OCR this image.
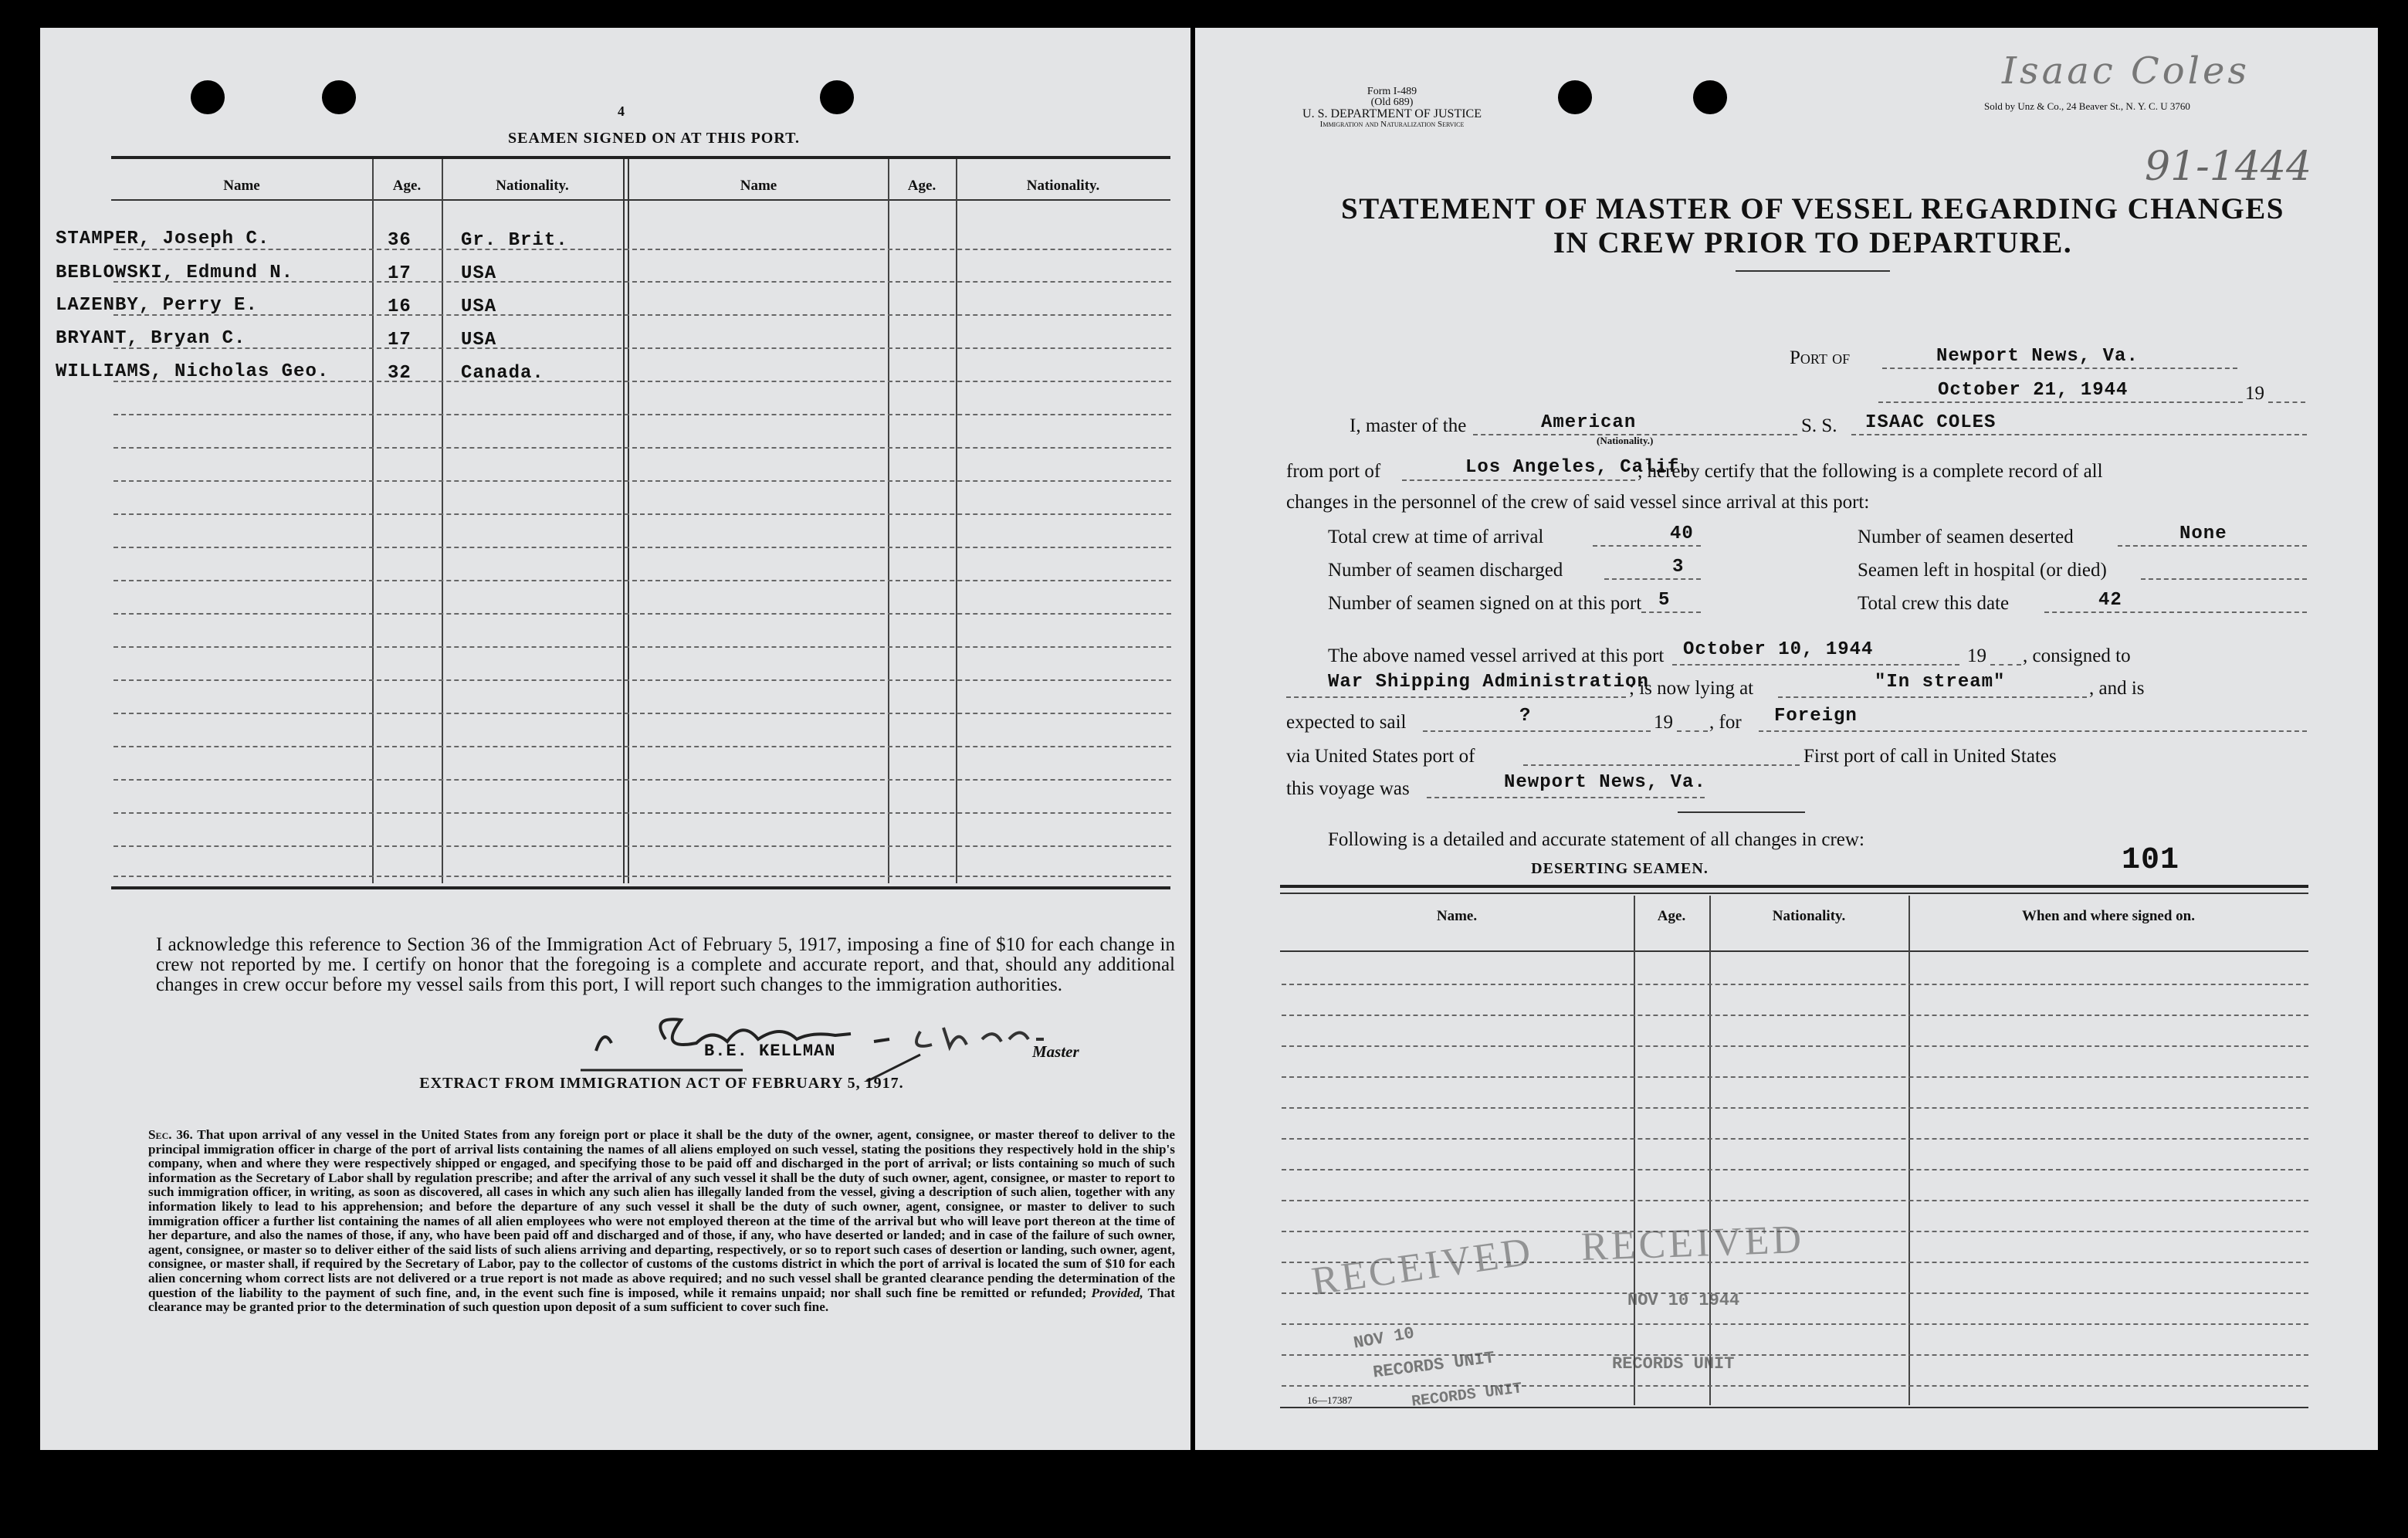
4
SEAMEN SIGNED ON AT THIS PORT.
Name	Age.	Nationality.	Name	Age.	Nationality.
STAMPER, Joseph C.	36	Gr. Brit.
BEBLOWSKI, Edmund N.	17	USA
LAZENBY, Perry E.	16	USA
BRYANT, Bryan C.	17	USA
WILLIAMS, Nicholas Geo.	32	Canada.
I acknowledge this reference to Section 36 of the Immigration Act of February 5, 1917, imposing a fine of $10 for each change in crew not reported by me. I certify on honor that the foregoing is a complete and accurate report, and that, should any additional changes in crew occur before my vessel sails from this port, I will report such changes to the immigration authorities.
B.E. KELLMAN	Master
EXTRACT FROM IMMIGRATION ACT OF FEBRUARY 5, 1917.
Sec. 36. That upon arrival of any vessel in the United States from any foreign port or place it shall be the duty of the owner, agent, consignee, or master thereof to deliver to the principal immigration officer in charge of the port of arrival lists containing the names of all aliens employed on such vessel, stating the positions they respectively hold in the ship's company, when and where they were respectively shipped or engaged, and specifying those to be paid off and discharged in the port of arrival; or lists containing so much of such information as the Secretary of Labor shall by regulation prescribe; and after the arrival of any such vessel it shall be the duty of such owner, agent, consignee, or master to report to such immigration officer, in writing, as soon as discovered, all cases in which any such alien has illegally landed from the vessel, giving a description of such alien, together with any information likely to lead to his apprehension; and before the departure of any such vessel it shall be the duty of such owner, agent, consignee, or master to deliver to such immigration officer a further list containing the names of all alien employees who were not employed thereon at the time of the arrival but who will leave port thereon at the time of her departure, and also the names of those, if any, who have been paid off and discharged and of those, if any, who have deserted or landed; and in case of the failure of such owner, agent, consignee, or master so to deliver either of the said lists of such aliens arriving and departing, respectively, or so to report such cases of desertion or landing, such owner, agent, consignee, or master shall, if required by the Secretary of Labor, pay to the collector of customs of the customs district in which the port of arrival is located the sum of $10 for each alien concerning whom correct lists are not delivered or a true report is not made as above required; and no such vessel shall be granted clearance pending the determination of the question of the liability to the payment of such fine, and, in the event such fine is imposed, while it remains unpaid; nor shall such fine be remitted or refunded; Provided, That clearance may be granted prior to the determination of such question upon deposit of a sum sufficient to cover such fine.
Form I-489
(Old 689)
U. S. DEPARTMENT OF JUSTICE
Immigration and Naturalization Service
Sold by Unz & Co., 24 Beaver St., N. Y. C. U 3760
Isaac Coles
91-1444
STATEMENT OF MASTER OF VESSEL REGARDING CHANGES
IN CREW PRIOR TO DEPARTURE.
Port of	Newport News, Va.
October 21, 1944	19
I, master of the	American
(Nationality.)
S. S. ISAAC COLES
from port of	Los Angeles, Calif.
, hereby certify that the following is a complete record of all
changes in the personnel of the crew of said vessel since arrival at this port:
Total crew at time of arrival	40	Number of seamen deserted	None
Number of seamen discharged	3	Seamen left in hospital (or died)
Number of seamen signed on at this port 5	Total crew this date	42
The above named vessel arrived at this port October 10, 1944	19 , consigned to
War Shipping Administration
; is now lying at	"In stream"	, and is
expected to sail	?	19 , for Foreign
via United States port of	First port of call in United States
this voyage was	Newport News, Va.
Following is a detailed and accurate statement of all changes in crew:
DESERTING SEAMEN.	101
Name.	Age.	Nationality.	When and where signed on.
RECEIVED RECEIVED
NOV 10
NOV 10 1944
RECORDS UNIT	RECORDS UNIT
RECORDS UNIT
16—17387
